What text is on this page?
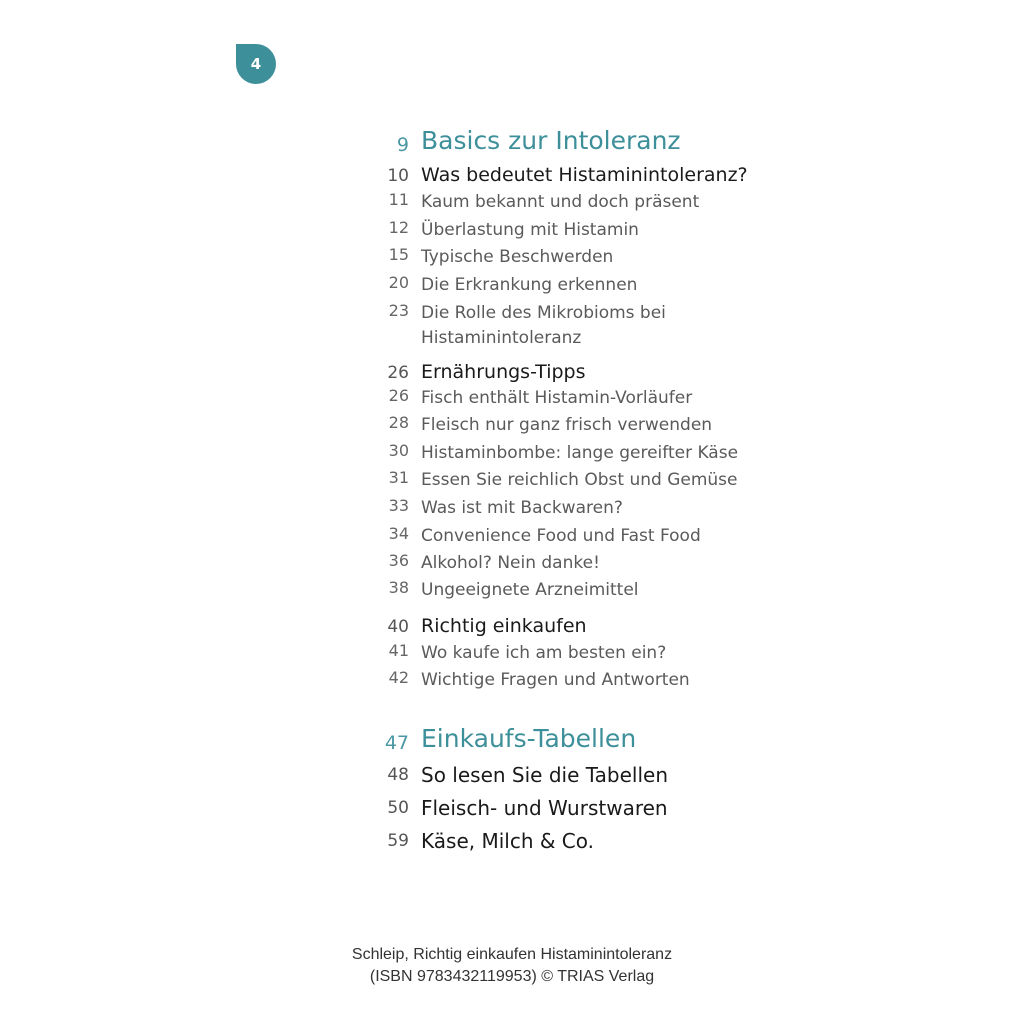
4
9 Basics zur Intoleranz
10 Was bedeutet Histaminintoleranz?
11 Kaum bekannt und doch präsent
12 Überlastung mit Histamin
15 Typische Beschwerden
20 Die Erkrankung erkennen
23 Die Rolle des Mikrobioms bei
Histaminintoleranz
26 Ernährungs-Tipps
26 Fisch enthält Histamin-Vorläufer
28 Fleisch nur ganz frisch verwenden
30 Histaminbombe: lange gereifter Käse
31 Essen Sie reichlich Obst und Gemüse
33 Was ist mit Backwaren?
34 Convenience Food und Fast Food
36 Alkohol? Nein danke!
38 Ungeeignete Arzneimittel
40 Richtig einkaufen
41 Wo kaufe ich am besten ein?
42 Wichtige Fragen und Antworten
47 Einkaufs-Tabellen
48 So lesen Sie die Tabellen
50 Fleisch- und Wurstwaren
59 Käse, Milch & Co.
Schleip, Richtig einkaufen Histaminintoleranz
(ISBN 9783432119953) © TRIAS Verlag
